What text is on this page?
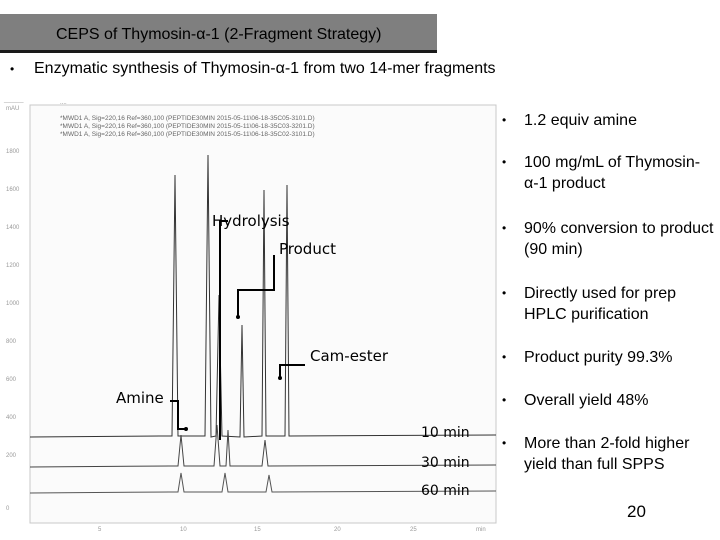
CEPS of Thymosin-α-1 (2-Fragment Strategy)
• Enzymatic synthesis of Thymosin-α-1 from two 14-mer fragments
_____	....
*MWD1 A, Sig=220,16 Ref=360,100 (PEPTIDE30MIN 2015-05-11\06-18-35C05-3101.D)
*MWD1 A, Sig=220,16 Ref=360,100 (PEPTIDE30MIN 2015-05-11\06-18-35C03-3201.D)
*MWD1 A, Sig=220,16 Ref=360,100 (PEPTIDE30MIN 2015-05-11\06-18-35C02-3101.D)
mAU
1800
1600
1400
1200
1000
800
600
400
200
0
5	10	15	20	25	min
Hydrolysis
Product
Cam-ester
Amine
10 min
30 min
60 min
• 1.2 equiv amine
• 100 mg/mL of Thymosin-α-1 product
• 90% conversion to product (90 min)
• Directly used for prep HPLC purification
• Product purity 99.3%
• Overall yield 48%
• More than 2-fold higher yield than full SPPS
20
